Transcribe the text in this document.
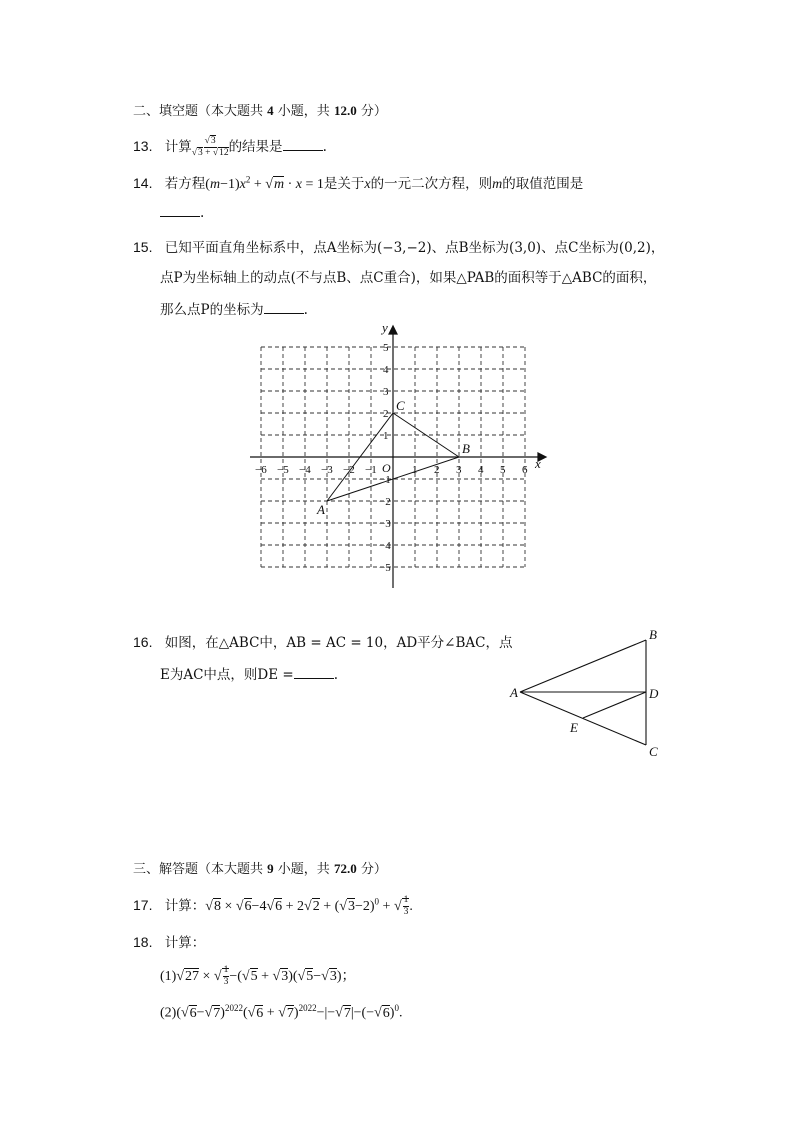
二、填空题（本大题共 4 小题，共 12.0 分）
13. 计算 $\frac{√3}{√3 + √12}$ 的结果是	.
14. 若方程$(m-1)x^2 + √m \cdot x = 1$是关于x的一元二次方程，则m的取值范围是
.
15. 已知平面直角坐标系中，点A坐标为(−3,−2)、点B坐标为(3,0)、点C坐标为(0,2)，
点P为坐标轴上的动点(不与点B、点C重合)，如果△PAB的面积等于△ABC的面积，
那么点P的坐标为	.
−6 −5 −4 −3 −2 −1	1 2 3 4 5 6
5
4
3
2
1
−1
−2
−3
−4
−5
x
y
O
A
B
C
16. 如图，在△ABC中，AB = AC = 10，AD平分∠BAC，点
E为AC中点，则DE =	.
B
A	D
E
C
三、解答题（本大题共 9 小题，共 72.0 分）
17. 计算：$√8 \times √6-4√6 + 2√2 + (√3-2)^0$ + √ $\frac{1}{3}$ .
18. 计算：
(1)√27 × √ $\frac{1}{3} -(√5 + √3)(√5-√3)$；
$(2)(√6-√7)^{2022}(√6 + √7)^{2022}-|-√7|-(-√6)^0$.
